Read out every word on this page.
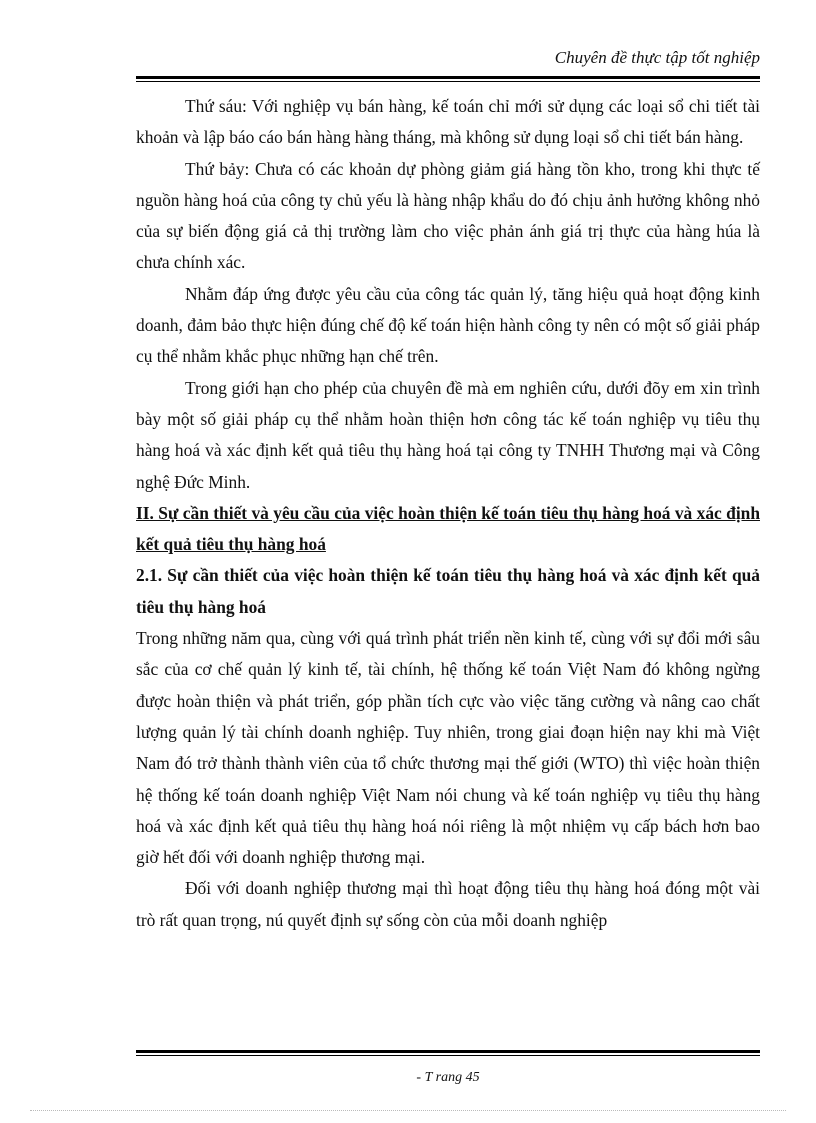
Chuyên đề thực tập tốt nghiệp

Thứ sáu: Với nghiệp vụ bán hàng, kế toán chỉ mới sử dụng các loại sổ chi tiết tài khoản và lập báo cáo bán hàng hàng tháng, mà không sử dụng loại sổ chi tiết bán hàng.

Thứ bảy: Chưa có các khoản dự phòng giảm giá hàng tồn kho, trong khi thực tế nguồn hàng hoá của công ty chủ yếu là hàng nhập khẩu do đó chịu ảnh hưởng không nhỏ của sự biến động giá cả thị trường làm cho việc phản ánh giá trị thực của hàng húa là chưa chính xác.

Nhằm đáp ứng được yêu cầu của công tác quản lý, tăng hiệu quả hoạt động kinh doanh, đảm bảo thực hiện đúng chế độ kế toán hiện hành công ty nên có một số giải pháp cụ thể nhằm khắc phục những hạn chế trên.

Trong giới hạn cho phép của chuyên đề mà em nghiên cứu, dưới đõy em xin trình bày một số giải pháp cụ thể nhằm hoàn thiện hơn công tác kế toán nghiệp vụ tiêu thụ hàng hoá và xác định kết quả tiêu thụ hàng hoá tại công ty TNHH Thương mại và Công nghệ Đức Minh.

II. Sự cần thiết và yêu cầu của việc hoàn thiện kế toán tiêu thụ hàng hoá và xác định kết quả tiêu thụ hàng hoá

2.1. Sự cần thiết của việc hoàn thiện kế toán tiêu thụ hàng hoá và xác định kết quả tiêu thụ hàng hoá

Trong những năm qua, cùng với quá trình phát triển nền kinh tế, cùng với sự đổi mới sâu sắc của cơ chế quản lý kinh tế, tài chính, hệ thống kế toán Việt Nam đó không ngừng được hoàn thiện và phát triển, góp phần tích cực vào việc tăng cường và nâng cao chất lượng quản lý tài chính doanh nghiệp. Tuy nhiên, trong giai đoạn hiện nay khi mà Việt Nam đó trở thành thành viên của tổ chức thương mại thế giới (WTO) thì việc hoàn thiện hệ thống kế toán doanh nghiệp Việt Nam nói chung và kế toán nghiệp vụ tiêu thụ hàng hoá và xác định kết quả tiêu thụ hàng hoá nói riêng là một nhiệm vụ cấp bách hơn bao giờ hết đối với doanh nghiệp thương mại.

Đối với doanh nghiệp thương mại thì hoạt động tiêu thụ hàng hoá đóng một vài trò rất quan trọng, nú quyết định sự sống còn của mỗi doanh nghiệp

- T rang 45
